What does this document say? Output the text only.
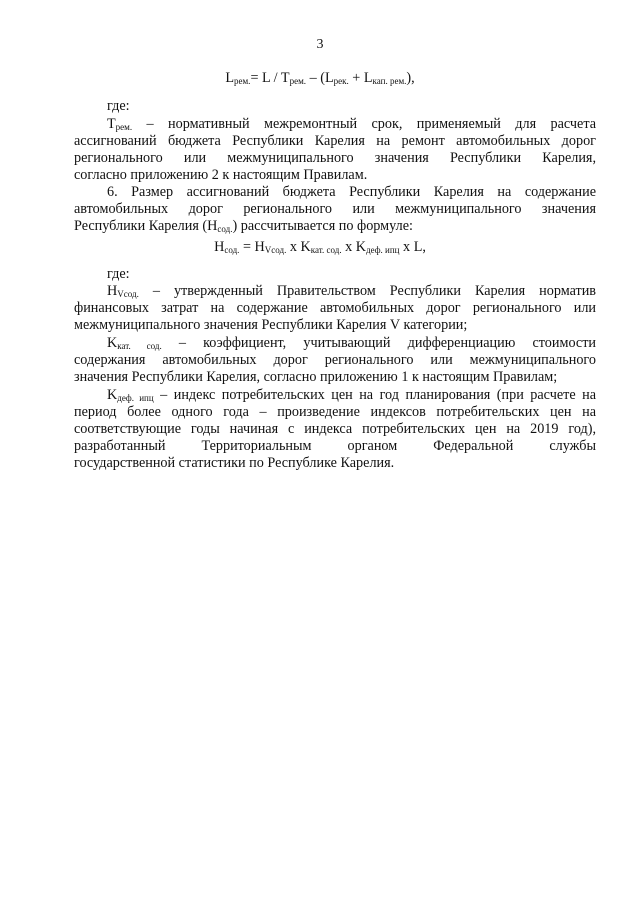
3
$L_{рем.}= L / T_{рем.} - (L_{рек.} + L_{кап. рем.})$,
где:
$T_{рем.}$ – нормативный межремонтный срок, применяемый для расчета
ассигнований бюджета Республики Карелия на ремонт автомобильных дорог
регионального или межмуниципального значения Республики Карелия,
согласно приложению 2 к настоящим Правилам.
6. Размер ассигнований бюджета Республики Карелия на содержание
автомобильных дорог регионального или межмуниципального значения
Республики Карелия $(Н_{сод.})$ рассчитывается по формуле:
$Н_{сод.} = Н_{Vсод.}$ х $K_{кат. сод.}$ х $K_{деф. ипц}$ х L,
где:
$Н_{Vсод.}$ – утвержденный Правительством Республики Карелия норматив
финансовых затрат на содержание автомобильных дорог регионального или
межмуниципального значения Республики Карелия V категории;
$K_{кат. сод.}$ – коэффициент, учитывающий дифференциацию стоимости
содержания автомобильных дорог регионального или межмуниципального
значения Республики Карелия, согласно приложению 1 к настоящим Правилам;
$K_{деф. ипц}$ – индекс потребительских цен на год планирования (при расчете на
период более одного года – произведение индексов потребительских цен на
соответствующие годы начиная с индекса потребительских цен на 2019 год),
разработанный Территориальным органом Федеральной службы
государственной статистики по Республике Карелия.
